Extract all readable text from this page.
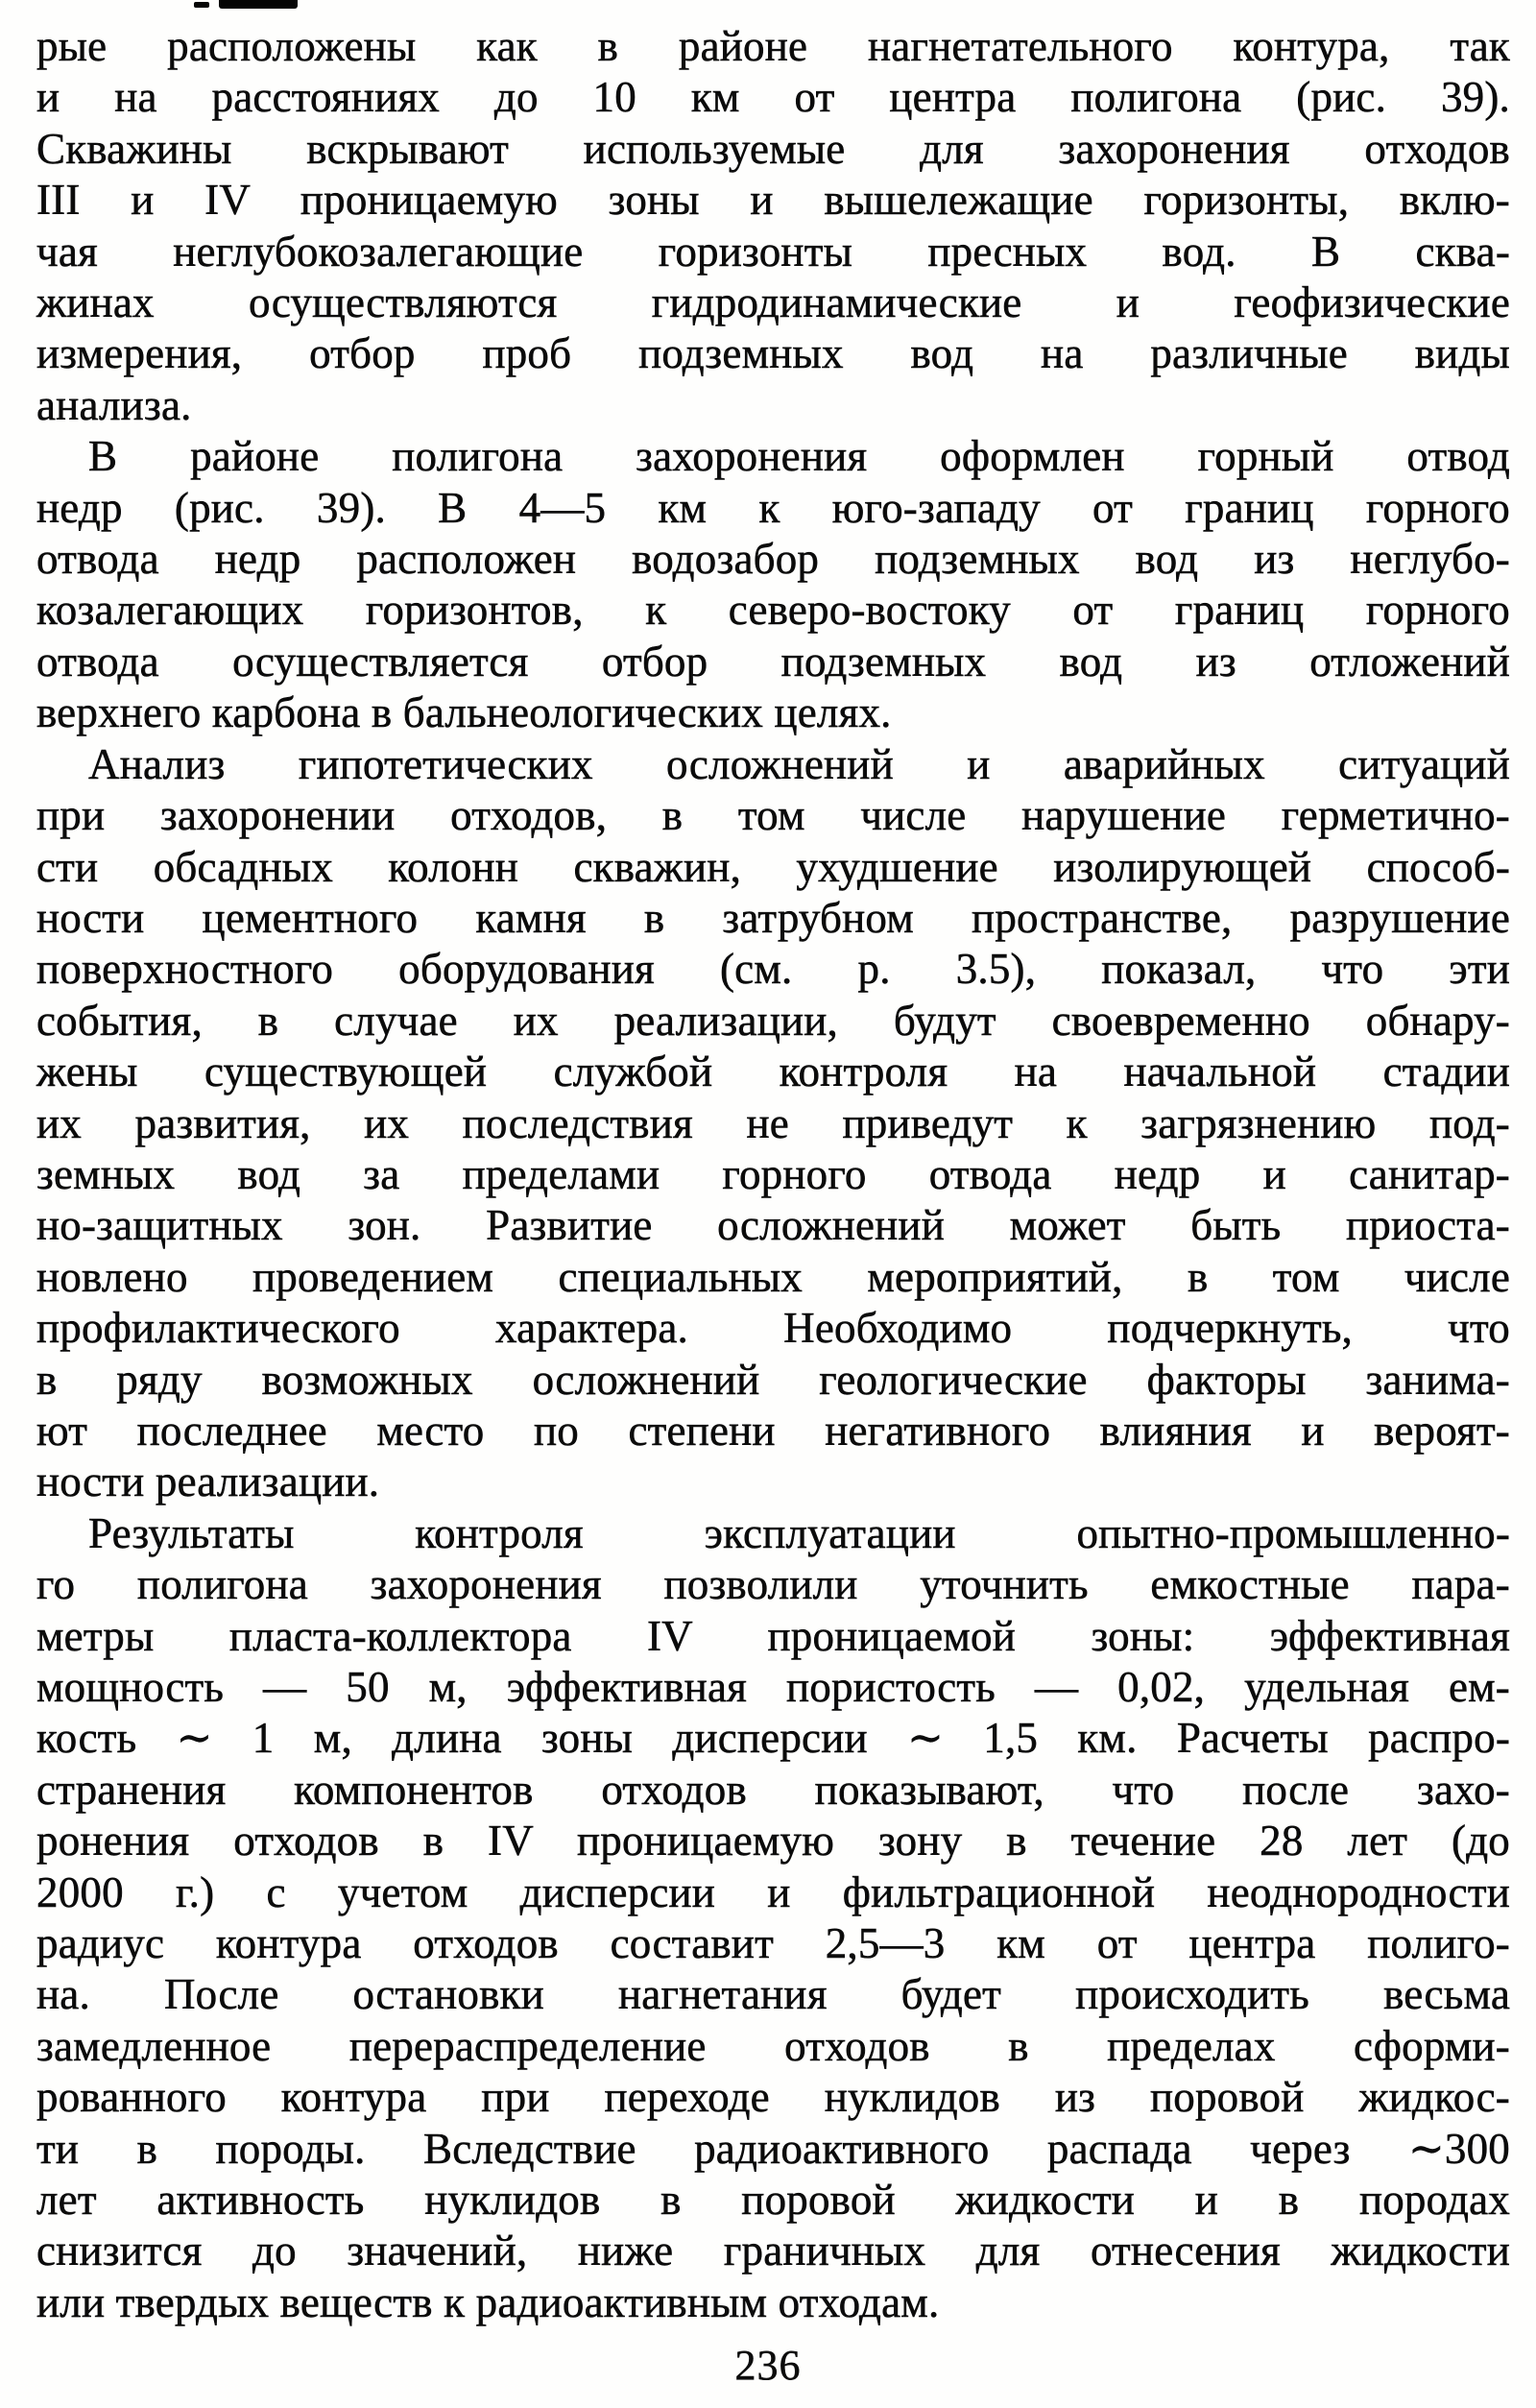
рые расположены как в районе нагнетательного контура, так
и на расстояниях до 10 км от центра полигона (рис. 39).
Скважины вскрывают используемые для захоронения отходов
III и IV проницаемую зоны и вышележащие горизонты, вклю-
чая неглубокозалегающие горизонты пресных вод. В сква-
жинах осуществляются гидродинамические и геофизические
измерения, отбор проб подземных вод на различные виды
анализа.

В районе полигона захоронения оформлен горный отвод
недр (рис. 39). В 4—5 км к юго-западу от границ горного
отвода недр расположен водозабор подземных вод из неглубо-
козалегающих горизонтов, к северо-востоку от границ горного
отвода осуществляется отбор подземных вод из отложений
верхнего карбона в бальнеологических целях.

Анализ гипотетических осложнений и аварийных ситуаций
при захоронении отходов, в том числе нарушение герметично-
сти обсадных колонн скважин, ухудшение изолирующей способ-
ности цементного камня в затрубном пространстве, разрушение
поверхностного оборудования (см. р. 3.5), показал, что эти
события, в случае их реализации, будут своевременно обнару-
жены существующей службой контроля на начальной стадии
их развития, их последствия не приведут к загрязнению под-
земных вод за пределами горного отвода недр и санитар-
но-защитных зон. Развитие осложнений может быть приоста-
новлено проведением специальных мероприятий, в том числе
профилактического характера. Необходимо подчеркнуть, что
в ряду возможных осложнений геологические факторы занима-
ют последнее место по степени негативного влияния и вероят-
ности реализации.

Результаты контроля эксплуатации опытно-промышленно-
го полигона захоронения позволили уточнить емкостные пара-
метры пласта-коллектора IV проницаемой зоны: эффективная
мощность — 50 м, эффективная пористость — 0,02, удельная ем-
кость ∼ 1 м, длина зоны дисперсии ∼ 1,5 км. Расчеты распро-
странения компонентов отходов показывают, что после захо-
ронения отходов в IV проницаемую зону в течение 28 лет (до
2000 г.) с учетом дисперсии и фильтрационной неоднородности
радиус контура отходов составит 2,5—3 км от центра полиго-
на. После остановки нагнетания будет происходить весьма
замедленное перераспределение отходов в пределах сформи-
рованного контура при переходе нуклидов из поровой жидкос-
ти в породы. Вследствие радиоактивного распада через ∼300
лет активность нуклидов в поровой жидкости и в породах
снизится до значений, ниже граничных для отнесения жидкости
или твердых веществ к радиоактивным отходам.

236
